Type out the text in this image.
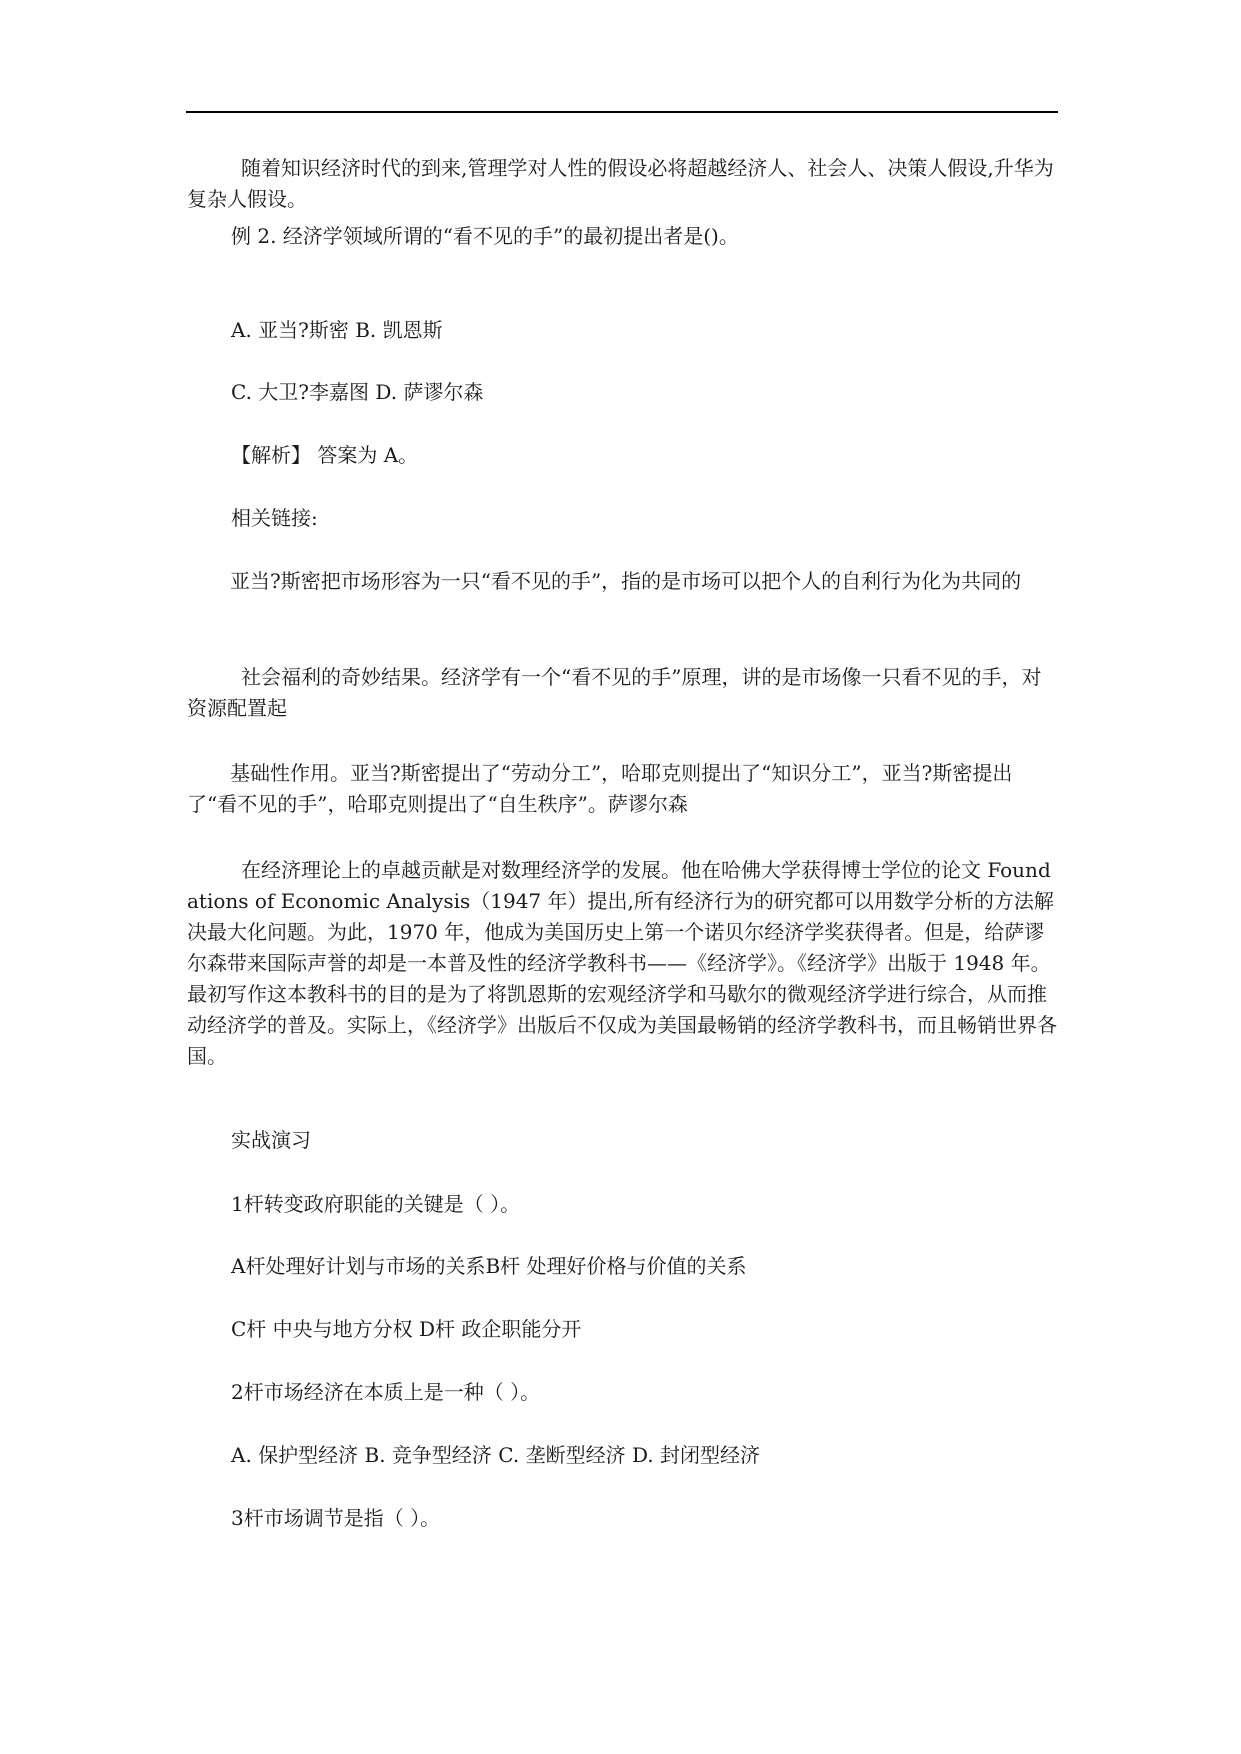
随着知识经济时代的到来,管理学对人性的假设必将超越经济人、社会人、决策人假设,升华为复杂人假设。

例 2. 经济学领域所谓的“看不见的手”的最初提出者是()。

A. 亚当?斯密 B. 凯恩斯

C. 大卫?李嘉图 D. 萨谬尔森

【解析】 答案为 A。

相关链接:

亚当?斯密把市场形容为一只“看不见的手”，指的是市场可以把个人的自利行为化为共同的

社会福利的奇妙结果。经济学有一个“看不见的手”原理，讲的是市场像一只看不见的手，对资源配置起

基础性作用。亚当?斯密提出了“劳动分工”，哈耶克则提出了“知识分工”，亚当?斯密提出了“看不见的手”，哈耶克则提出了“自生秩序”。萨谬尔森

在经济理论上的卓越贡献是对数理经济学的发展。他在哈佛大学获得博士学位的论文 Foundations of Economic Analysis（1947 年）提出,所有经济行为的研究都可以用数学分析的方法解决最大化问题。为此，1970 年，他成为美国历史上第一个诺贝尔经济学奖获得者。但是，给萨谬尔森带来国际声誉的却是一本普及性的经济学教科书——《经济学》。《经济学》出版于 1948 年。最初写作这本教科书的目的是为了将凯恩斯的宏观经济学和马歇尔的微观经济学进行综合，从而推动经济学的普及。实际上，《经济学》出版后不仅成为美国最畅销的经济学教科书，而且畅销世界各国。

实战演习

1杆转变政府职能的关键是（ ）。

A杆处理好计划与市场的关系B杆 处理好价格与价值的关系

C杆 中央与地方分权 D杆 政企职能分开

2杆市场经济在本质上是一种（ ）。

A. 保护型经济 B. 竞争型经济 C. 垄断型经济 D. 封闭型经济

3杆市场调节是指（ ）。
